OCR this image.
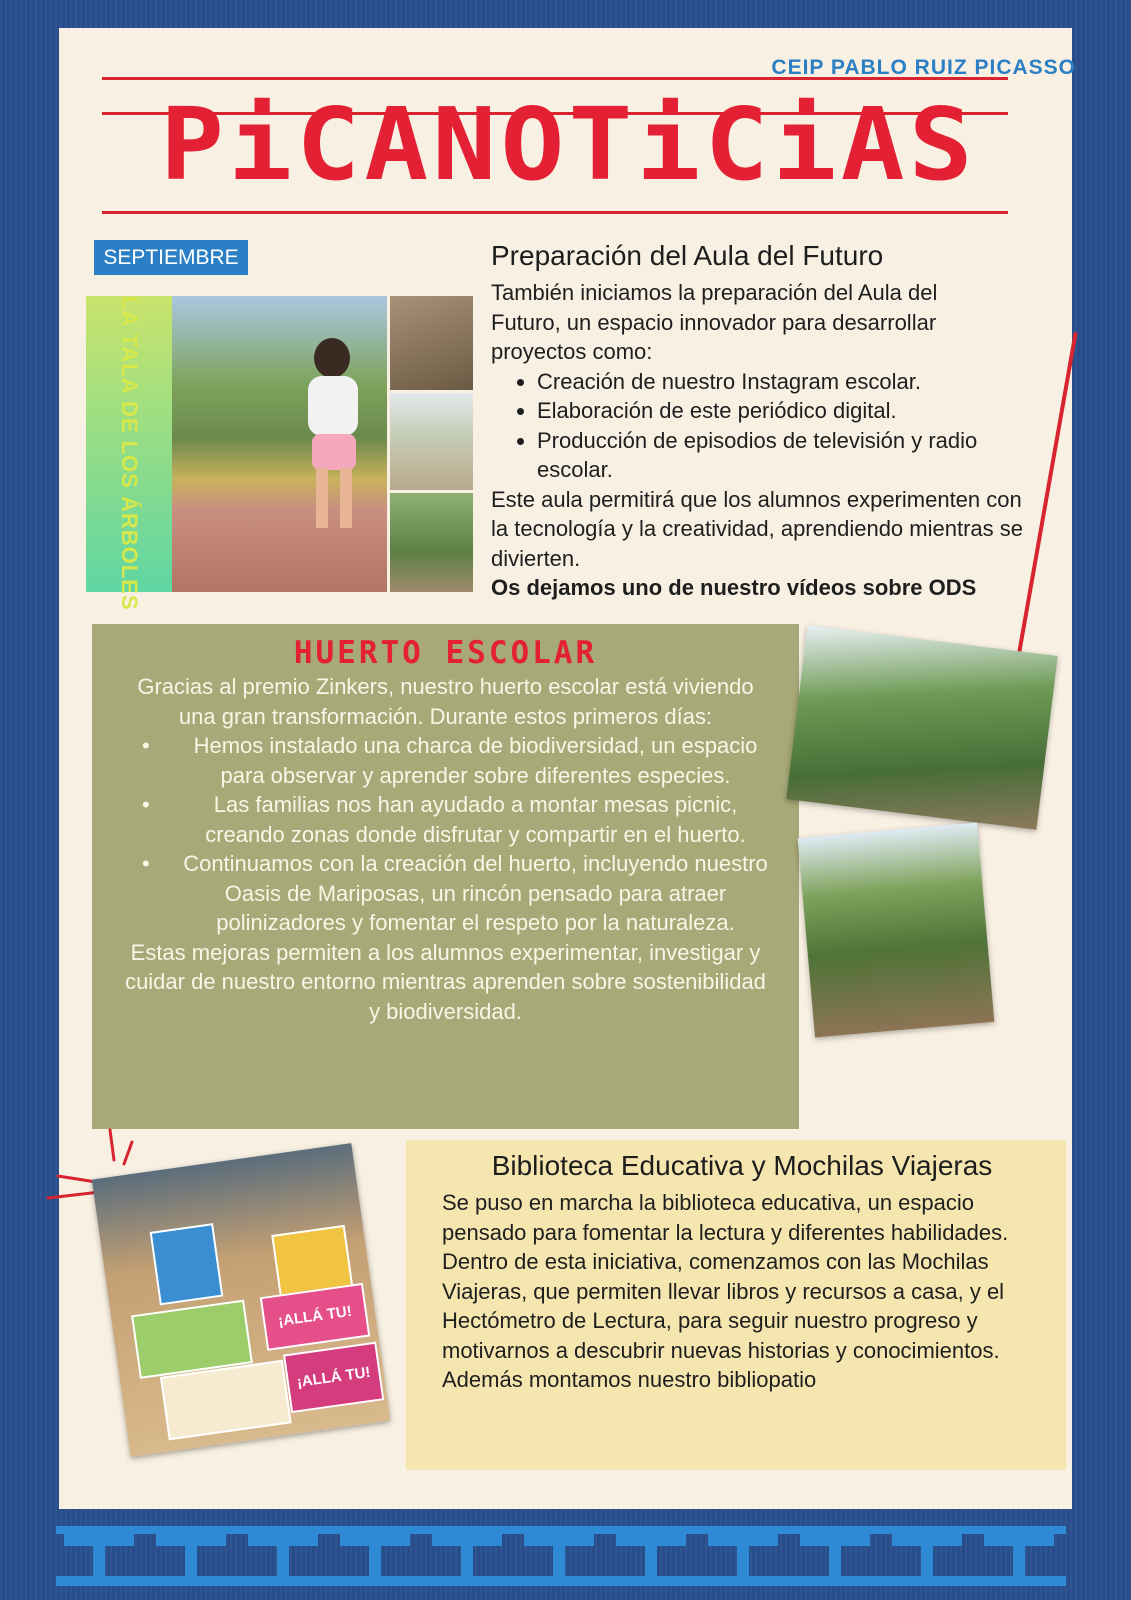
CEIP PABLO RUIZ PICASSO

PiCANOTiCiAS
SEPTIEMBRE
LA TALA DE LOS ÁRBOLES
Preparación del Aula del Futuro

También iniciamos la preparación del Aula del Futuro, un espacio innovador para desarrollar proyectos como:

• Creación de nuestro Instagram escolar.
• Elaboración de este periódico digital.
• Producción de episodios de televisión y radio escolar.

Este aula permitirá que los alumnos experimenten con la tecnología y la creatividad, aprendiendo mientras se divierten.

Os dejamos uno de nuestro vídeos sobre ODS

HUERTO ESCOLAR

Gracias al premio Zinkers, nuestro huerto escolar está viviendo una gran transformación. Durante estos primeros días:

• Hemos instalado una charca de biodiversidad, un espacio para observar y aprender sobre diferentes especies.
•	Las familias nos han ayudado a montar mesas picnic, creando zonas donde disfrutar y compartir en el huerto.
• Continuamos con la creación del huerto, incluyendo nuestro Oasis de Mariposas, un rincón pensado para atraer polinizadores y fomentar el respeto por la naturaleza.

Estas mejoras permiten a los alumnos experimentar, investigar y cuidar de nuestro entorno mientras aprenden sobre sostenibilidad y biodiversidad.

¡ALLÁ TU!
¡ALLÁ TU!
Biblioteca Educativa y Mochilas Viajeras

Se puso en marcha la biblioteca educativa, un espacio pensado para fomentar la lectura y diferentes habilidades.

Dentro de esta iniciativa, comenzamos con las Mochilas Viajeras, que permiten llevar libros y recursos a casa, y el Hectómetro de Lectura, para seguir nuestro progreso y motivarnos a descubrir nuevas historias y conocimientos.

Además montamos nuestro bibliopatio
